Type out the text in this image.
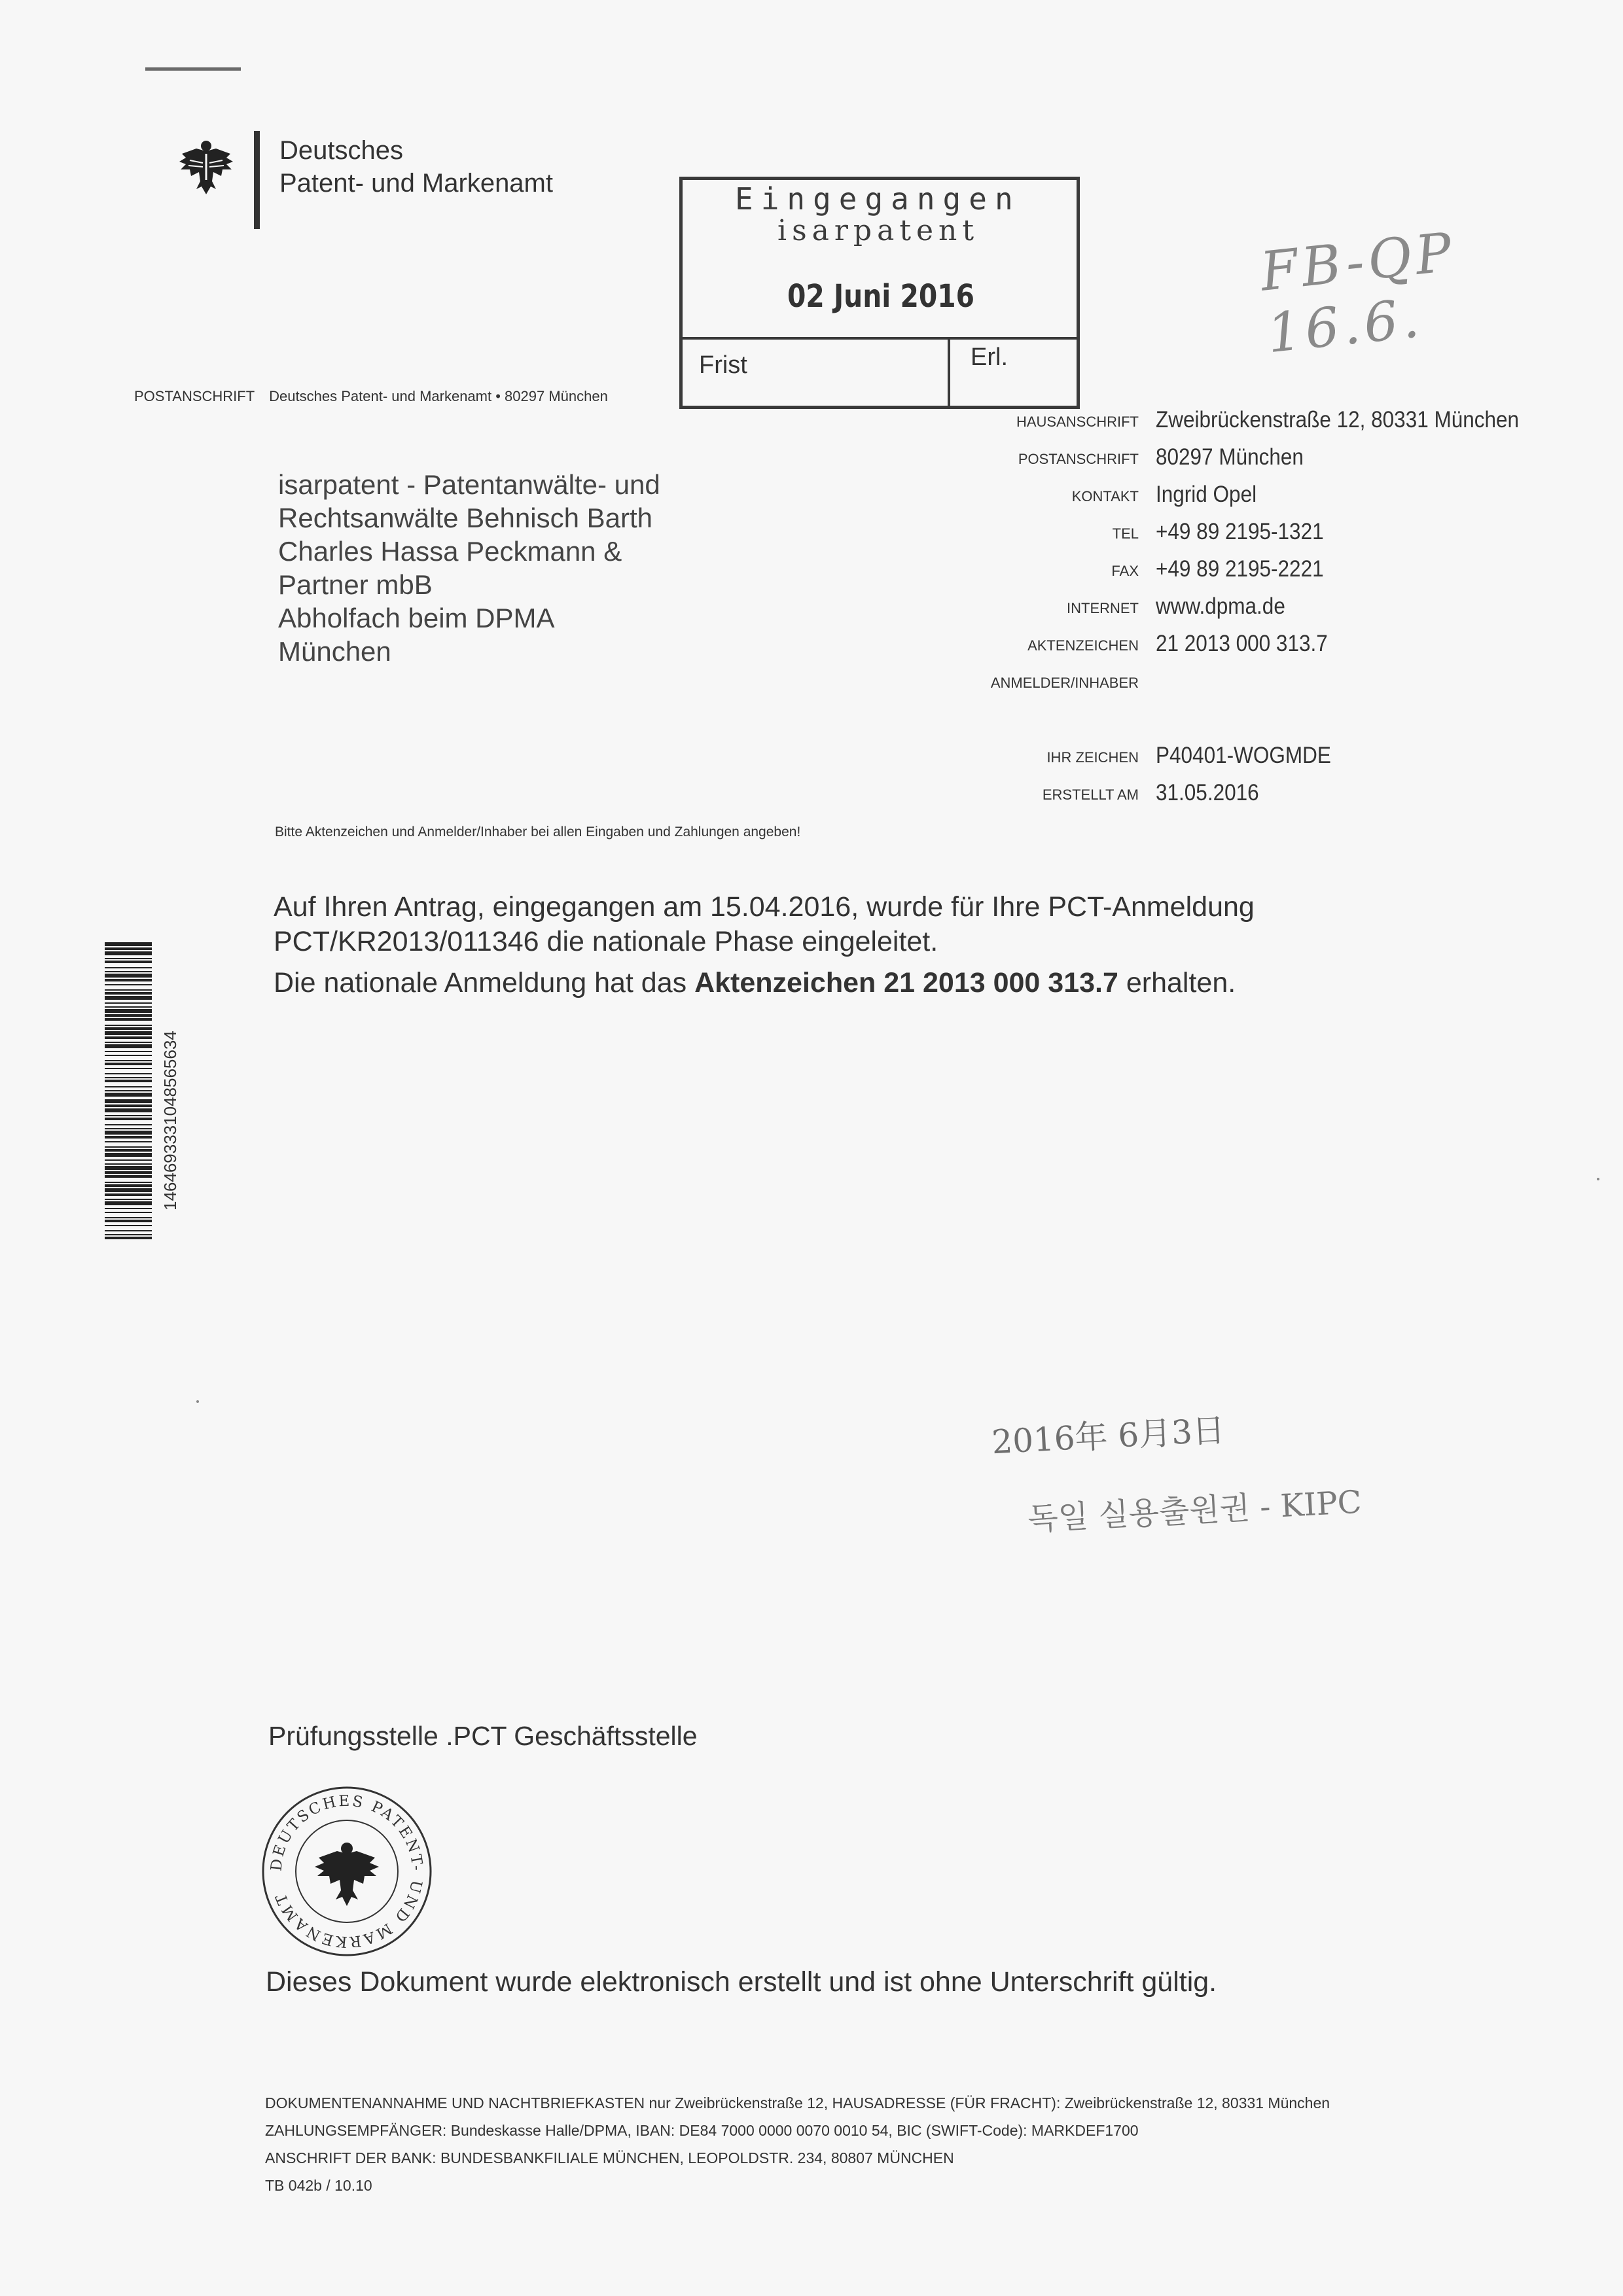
Deutsches
Patent- und Markenamt	Eingegangen
isarpatent
02 Juni 2016
Frist	Erl.
FB-QP 16.6.
POSTANSCHRIFT Deutsches Patent- und Markenamt • 80297 München
isarpatent - Patentanwälte- und
Rechtsanwälte Behnisch Barth
Charles Hassa Peckmann &
Partner mbB
Abholfach beim DPMA
München
HAUSANSCHRIFT Zweibrückenstraße 12, 80331 München
POSTANSCHRIFT 80297 München
KONTAKT Ingrid Opel
TEL +49 89 2195-1321
FAX +49 89 2195-2221
INTERNET www.dpma.de
AKTENZEICHEN 21 2013 000 313.7
ANMELDER/INHABER
IHR ZEICHEN P40401-WOGMDE
ERSTELLT AM 31.05.2016
Bitte Aktenzeichen und Anmelder/Inhaber bei allen Eingaben und Zahlungen angeben!
Auf Ihren Antrag, eingegangen am 15.04.2016, wurde für Ihre PCT-Anmeldung
PCT/KR2013/011346 die nationale Phase eingeleitet.
Die nationale Anmeldung hat das Aktenzeichen 21 2013 000 313.7 erhalten.
1464693331048565634
2016年 6月3日
독일 실용출원권 - KIPC
Prüfungsstelle .PCT Geschäftsstelle
DEUTSCHES PATENT- UND MARKENAMT
Dieses Dokument wurde elektronisch erstellt und ist ohne Unterschrift gültig.
DOKUMENTENANNAHME UND NACHTBRIEFKASTEN nur Zweibrückenstraße 12, HAUSADRESSE (FÜR FRACHT): Zweibrückenstraße 12, 80331 München
ZAHLUNGSEMPFÄNGER: Bundeskasse Halle/DPMA, IBAN: DE84 7000 0000 0070 0010 54, BIC (SWIFT-Code): MARKDEF1700
ANSCHRIFT DER BANK: BUNDESBANKFILIALE MÜNCHEN, LEOPOLDSTR. 234, 80807 MÜNCHEN
TB 042b / 10.10
